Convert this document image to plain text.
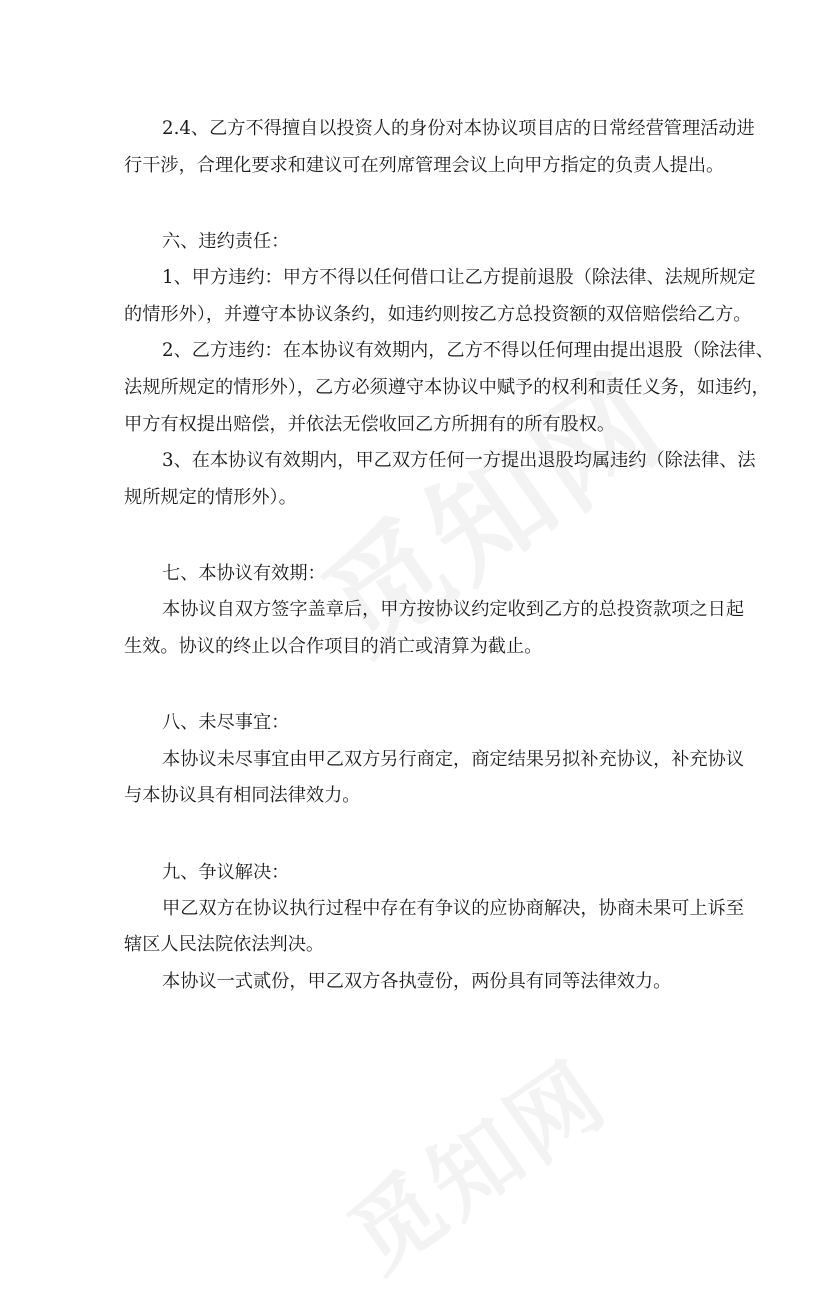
2.4、乙方不得擅自以投资人的身份对本协议项目店的日常经营管理活动进
行干涉，合理化要求和建议可在列席管理会议上向甲方指定的负责人提出。
六、违约责任：
1、甲方违约：甲方不得以任何借口让乙方提前退股（除法律、法规所规定
的情形外），并遵守本协议条约，如违约则按乙方总投资额的双倍赔偿给乙方。
2、乙方违约：在本协议有效期内，乙方不得以任何理由提出退股（除法律、
法规所规定的情形外），乙方必须遵守本协议中赋予的权利和责任义务，如违约，
甲方有权提出赔偿，并依法无偿收回乙方所拥有的所有股权。
3、在本协议有效期内，甲乙双方任何一方提出退股均属违约（除法律、法
规所规定的情形外）。
七、本协议有效期：
本协议自双方签字盖章后，甲方按协议约定收到乙方的总投资款项之日起
生效。协议的终止以合作项目的消亡或清算为截止。
八、未尽事宜：
本协议未尽事宜由甲乙双方另行商定，商定结果另拟补充协议，补充协议
与本协议具有相同法律效力。
九、争议解决：
甲乙双方在协议执行过程中存在有争议的应协商解决，协商未果可上诉至
辖区人民法院依法判决。
本协议一式贰份，甲乙双方各执壹份，两份具有同等法律效力。
